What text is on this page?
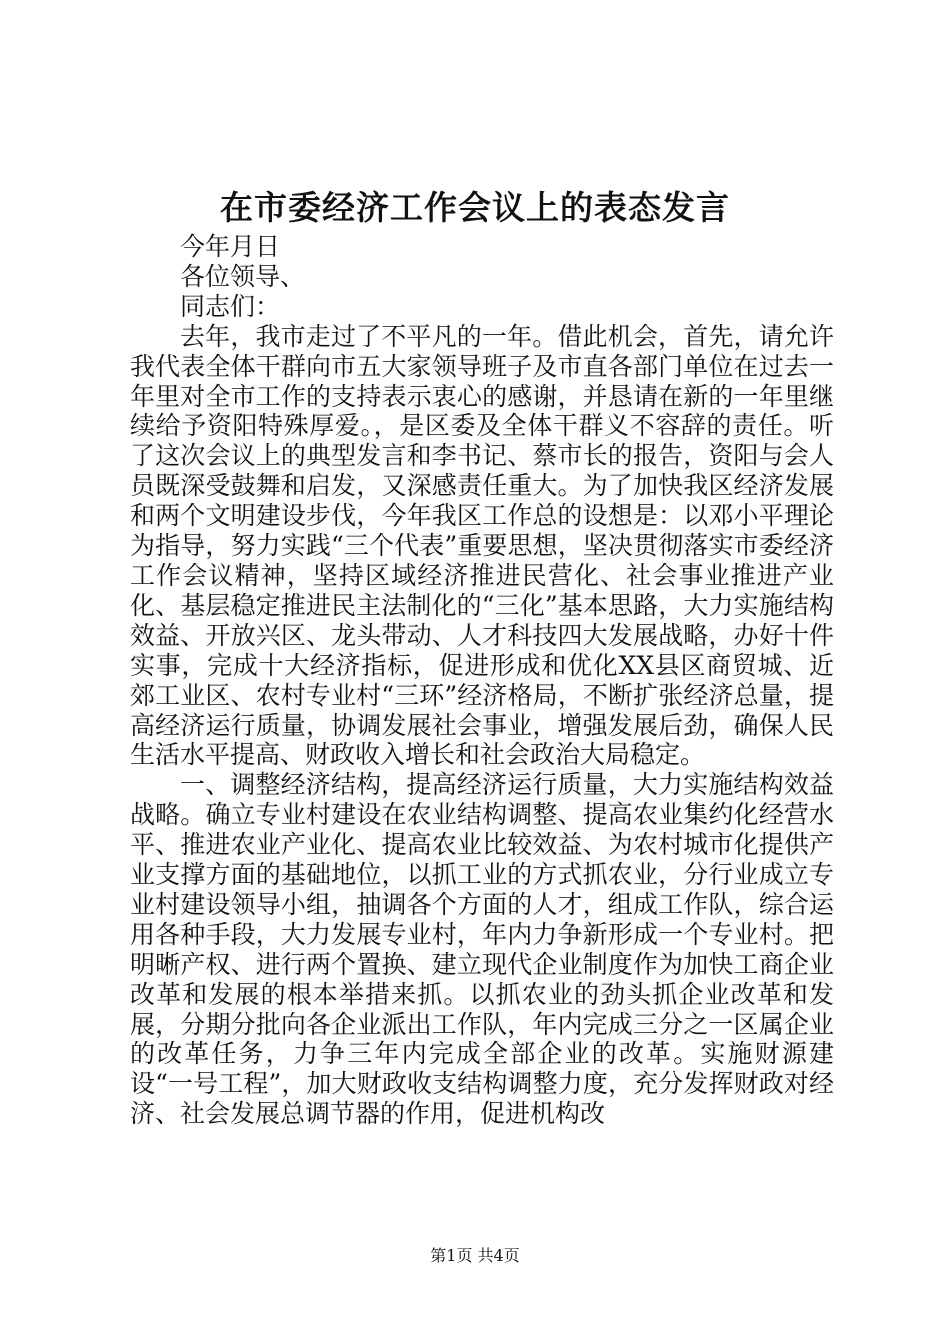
在市委经济工作会议上的表态发言

今年月日

各位领导、

同志们：

去年，我市走过了不平凡的一年。借此机会，首先，请允许我代表全体干群向市五大家领导班子及市直各部门单位在过去一年里对全市工作的支持表示衷心的感谢，并恳请在新的一年里继续给予资阳特殊厚爱。，是区委及全体干群义不容辞的责任。听了这次会议上的典型发言和李书记、蔡市长的报告，资阳与会人员既深受鼓舞和启发，又深感责任重大。为了加快我区经济发展和两个文明建设步伐，今年我区工作总的设想是：以邓小平理论为指导，努力实践“三个代表”重要思想，坚决贯彻落实市委经济工作会议精神，坚持区域经济推进民营化、社会事业推进产业化、基层稳定推进民主法制化的“三化”基本思路，大力实施结构效益、开放兴区、龙头带动、人才科技四大发展战略，办好十件实事，完成十大经济指标，促进形成和优化XX县区商贸城、近郊工业区、农村专业村“三环”经济格局，不断扩张经济总量，提高经济运行质量，协调发展社会事业，增强发展后劲，确保人民生活水平提高、财政收入增长和社会政治大局稳定。

一、调整经济结构，提高经济运行质量，大力实施结构效益战略。确立专业村建设在农业结构调整、提高农业集约化经营水平、推进农业产业化、提高农业比较效益、为农村城市化提供产业支撑方面的基础地位，以抓工业的方式抓农业，分行业成立专业村建设领导小组，抽调各个方面的人才，组成工作队，综合运用各种手段，大力发展专业村，年内力争新形成一个专业村。把明晰产权、进行两个置换、建立现代企业制度作为加快工商企业改革和发展的根本举措来抓。以抓农业的劲头抓企业改革和发展，分期分批向各企业派出工作队，年内完成三分之一区属企业的改革任务，力争三年内完成全部企业的改革。实施财源建设“一号工程”，加大财政收支结构调整力度，充分发挥财政对经济、社会发展总调节器的作用，促进机构改

第1页 共4页
